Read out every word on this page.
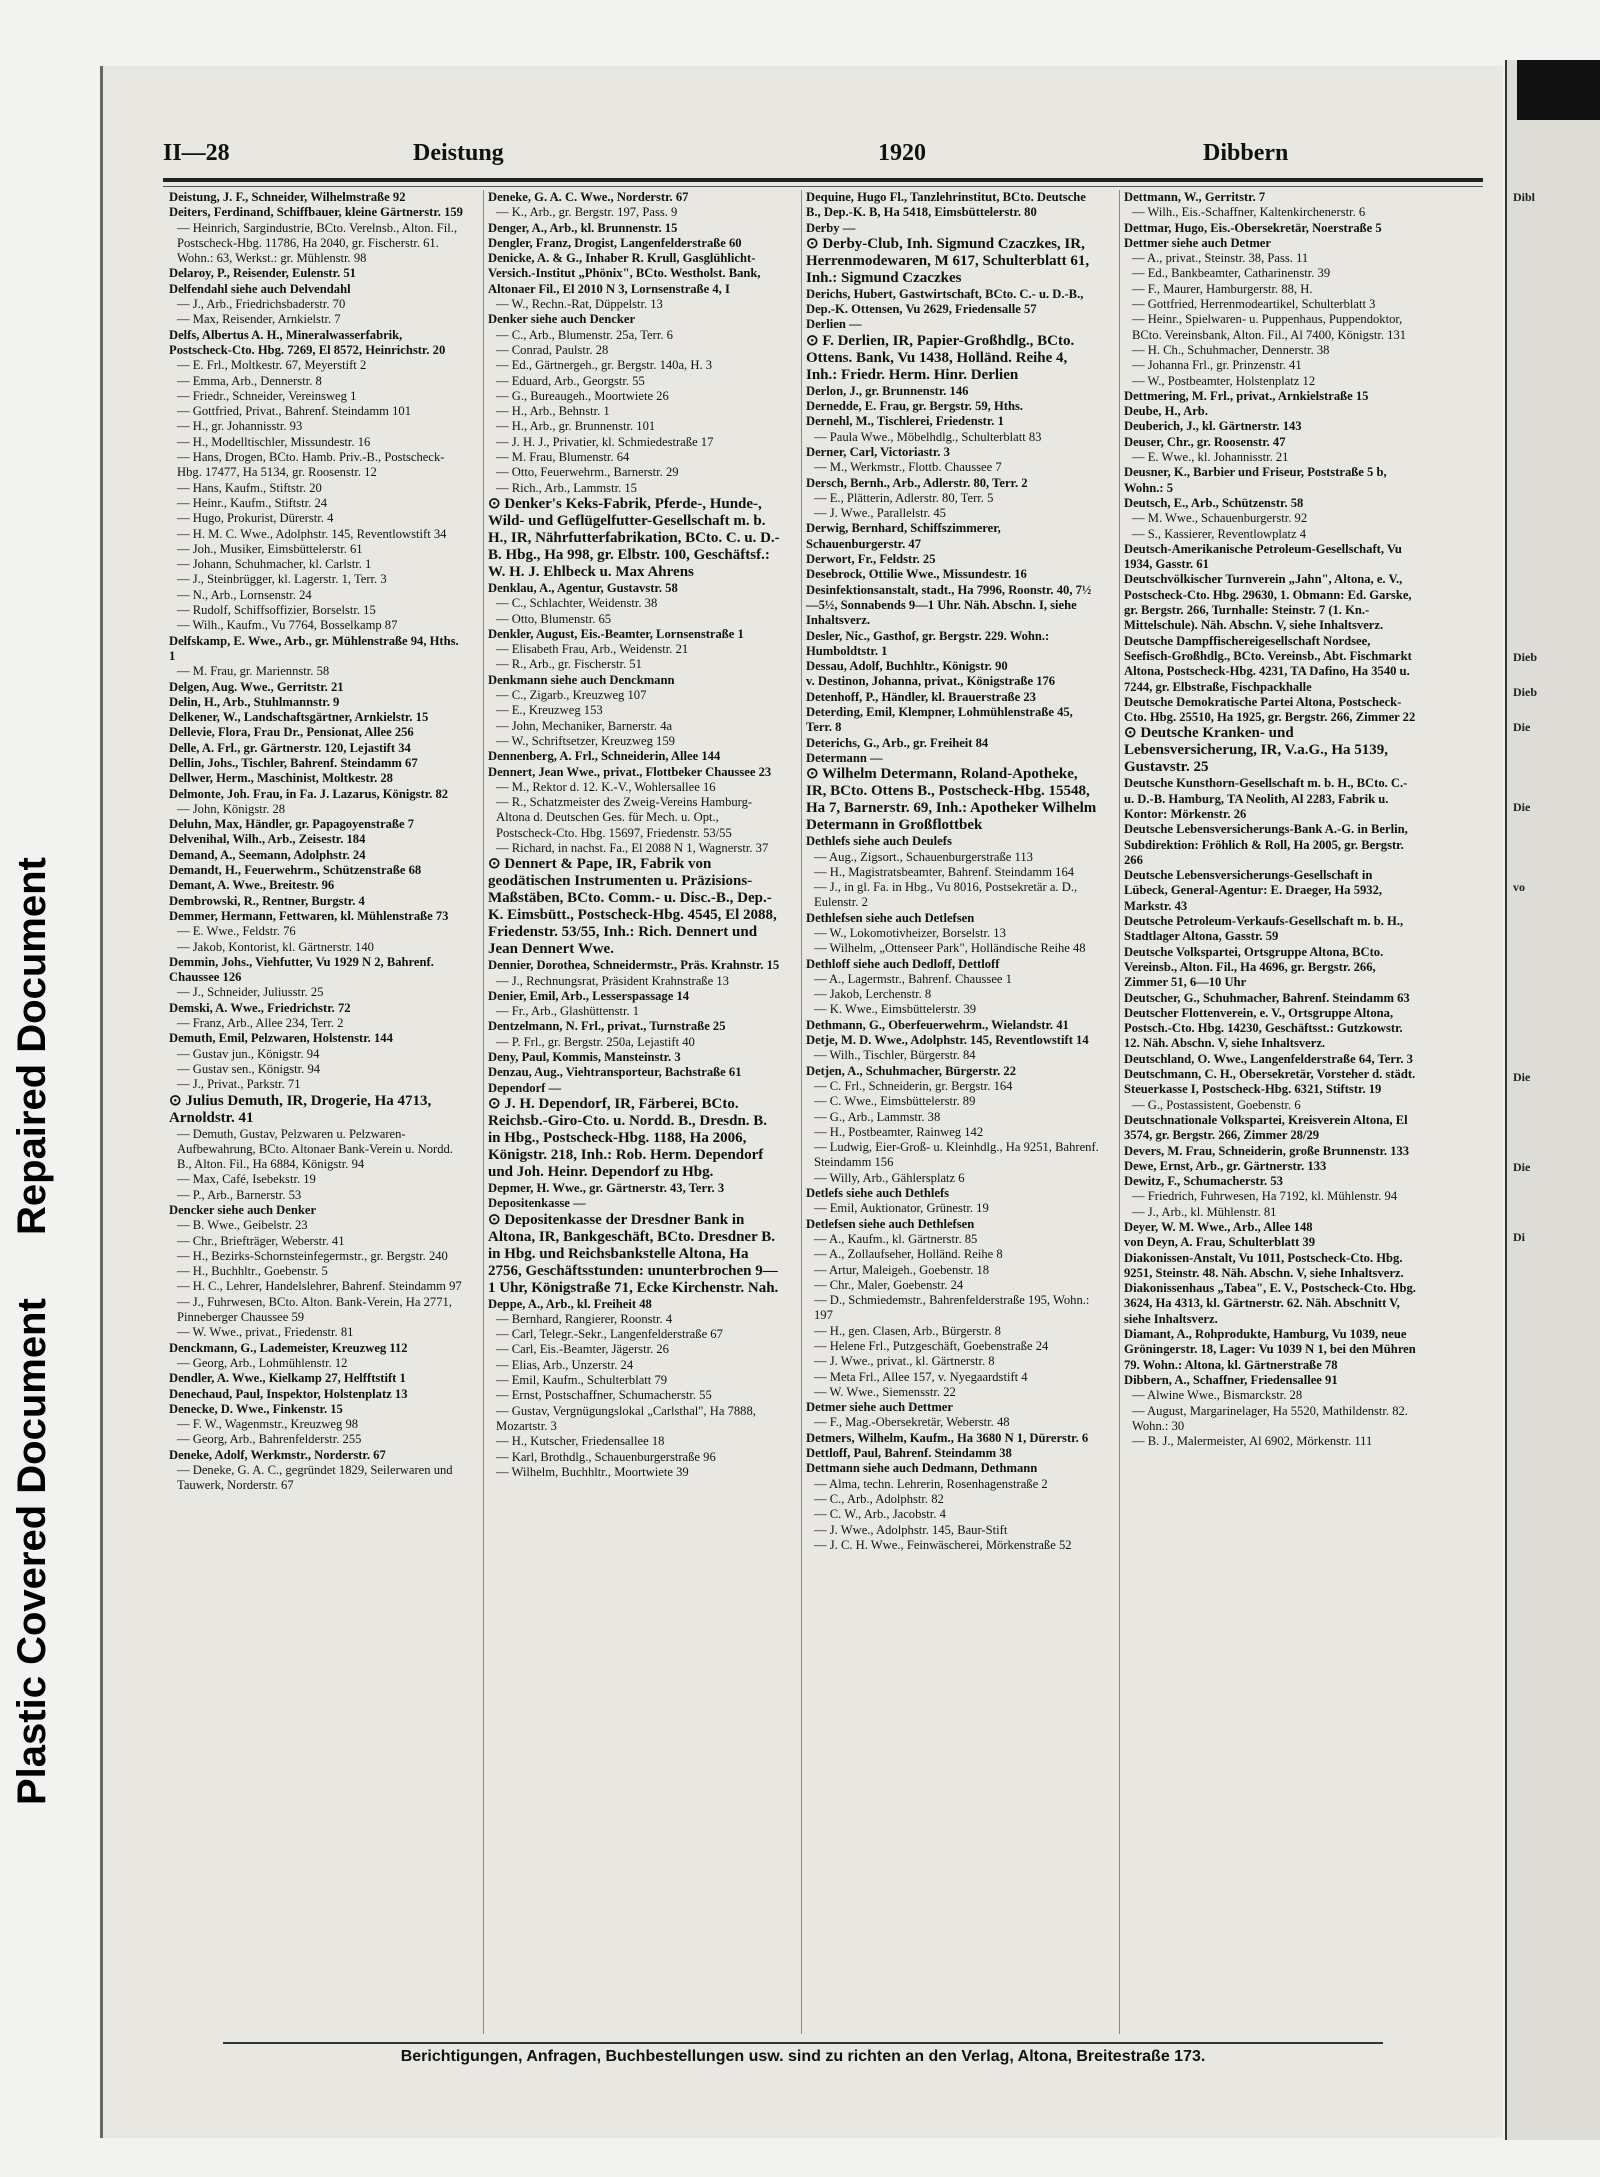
Repaired Document
Plastic Covered Document
II—28	Deistung	1920	Dibbern
Deistung, J. F., Schneider, Wilhelmstraße 92
Deiters, Ferdinand, Schiffbauer, kleine Gärtnerstr. 159
— Heinrich, Sargindustrie, BCto. Verelnsb., Alton. Fil., Postscheck-Hbg. 11786, Ha 2040, gr. Fischerstr. 61. Wohn.: 63, Werkst.: gr. Mühlenstr. 98
Delaroy, P., Reisender, Eulenstr. 51
Delfendahl siehe auch Delvendahl
— J., Arb., Friedrichsbaderstr. 70
— Max, Reisender, Arnkielstr. 7
Delfs, Albertus A. H., Mineralwasserfabrik, Postscheck-Cto. Hbg. 7269, El 8572, Heinrichstr. 20
— E. Frl., Moltkestr. 67, Meyerstift 2
— Emma, Arb., Dennerstr. 8
— Friedr., Schneider, Vereinsweg 1
— Gottfried, Privat., Bahrenf. Steindamm 101
— H., gr. Johannisstr. 93
— H., Modelltischler, Missundestr. 16
— Hans, Drogen, BCto. Hamb. Priv.-B., Postscheck-Hbg. 17477, Ha 5134, gr. Roosenstr. 12
— Hans, Kaufm., Stiftstr. 20
— Heinr., Kaufm., Stiftstr. 24
— Hugo, Prokurist, Dürerstr. 4
— H. M. C. Wwe., Adolphstr. 145, Reventlowstift 34
— Joh., Musiker, Eimsbüttelerstr. 61
— Johann, Schuhmacher, kl. Carlstr. 1
— J., Steinbrügger, kl. Lagerstr. 1, Terr. 3
— N., Arb., Lornsenstr. 24
— Rudolf, Schiffsoffizier, Borselstr. 15
— Wilh., Kaufm., Vu 7764, Bosselkamp 87
Delfskamp, E. Wwe., Arb., gr. Mühlenstraße 94, Hths. 1
— M. Frau, gr. Mariennstr. 58
Delgen, Aug. Wwe., Gerritstr. 21
Delin, H., Arb., Stuhlmannstr. 9
Delkener, W., Landschaftsgärtner, Arnkielstr. 15
Dellevie, Flora, Frau Dr., Pensionat, Allee 256
Delle, A. Frl., gr. Gärtnerstr. 120, Lejastift 34
Dellin, Johs., Tischler, Bahrenf. Steindamm 67
Dellwer, Herm., Maschinist, Moltkestr. 28
Delmonte, Joh. Frau, in Fa. J. Lazarus, Königstr. 82
— John, Königstr. 28
Deluhn, Max, Händler, gr. Papagoyenstraße 7
Delvenihal, Wilh., Arb., Zeisestr. 184
Demand, A., Seemann, Adolphstr. 24
Demandt, H., Feuerwehrm., Schützenstraße 68
Demant, A. Wwe., Breitestr. 96
Dembrowski, R., Rentner, Burgstr. 4
Demmer, Hermann, Fettwaren, kl. Mühlenstraße 73
— E. Wwe., Feldstr. 76
— Jakob, Kontorist, kl. Gärtnerstr. 140
Demmin, Johs., Viehfutter, Vu 1929 N 2, Bahrenf. Chaussee 126
— J., Schneider, Juliusstr. 25
Demski, A. Wwe., Friedrichstr. 72
— Franz, Arb., Allee 234, Terr. 2
Demuth, Emil, Pelzwaren, Holstenstr. 144
— Gustav jun., Königstr. 94
— Gustav sen., Königstr. 94
— J., Privat., Parkstr. 71
⊙ Julius Demuth, IR, Drogerie, Ha 4713, Arnoldstr. 41
— Demuth, Gustav, Pelzwaren u. Pelzwaren-Aufbewahrung, BCto. Altonaer Bank-Verein u. Nordd. B., Alton. Fil., Ha 6884, Königstr. 94
— Max, Café, Isebekstr. 19
— P., Arb., Barnerstr. 53
Dencker siehe auch Denker
— B. Wwe., Geibelstr. 23
— Chr., Briefträger, Weberstr. 41
— H., Bezirks-Schornsteinfegermstr., gr. Bergstr. 240
— H., Buchhltr., Goebenstr. 5
— H. C., Lehrer, Handelslehrer, Bahrenf. Steindamm 97
— J., Fuhrwesen, BCto. Alton. Bank-Verein, Ha 2771, Pinneberger Chaussee 59
— W. Wwe., privat., Friedenstr. 81
Denckmann, G., Lademeister, Kreuzweg 112
— Georg, Arb., Lohmühlenstr. 12
Dendler, A. Wwe., Kielkamp 27, Helfftstift 1
Denechaud, Paul, Inspektor, Holstenplatz 13
Denecke, D. Wwe., Finkenstr. 15
— F. W., Wagenmstr., Kreuzweg 98
— Georg, Arb., Bahrenfelderstr. 255
Deneke, Adolf, Werkmstr., Norderstr. 67
— Deneke, G. A. C., gegründet 1829, Seilerwaren und Tauwerk, Norderstr. 67
Deneke, G. A. C. Wwe., Norderstr. 67
— K., Arb., gr. Bergstr. 197, Pass. 9
Denger, A., Arb., kl. Brunnenstr. 15
Dengler, Franz, Drogist, Langenfelderstraße 60
Denicke, A. & G., Inhaber R. Krull, Gasglühlicht-Versich.-Institut „Phönix", BCto. Westholst. Bank, Altonaer Fil., El 2010 N 3, Lornsenstraße 4, I
— W., Rechn.-Rat, Düppelstr. 13
Denker siehe auch Dencker
— C., Arb., Blumenstr. 25a, Terr. 6
— Conrad, Paulstr. 28
— Ed., Gärtnergeh., gr. Bergstr. 140a, H. 3
— Eduard, Arb., Georgstr. 55
— G., Bureaugeh., Moortwiete 26
— H., Arb., Behnstr. 1
— H., Arb., gr. Brunnenstr. 101
— J. H. J., Privatier, kl. Schmiedestraße 17
— M. Frau, Blumenstr. 64
— Otto, Feuerwehrm., Barnerstr. 29
— Rich., Arb., Lammstr. 15
⊙ Denker's Keks-Fabrik, Pferde-, Hunde-, Wild- und Geflügelfutter-Gesellschaft m. b. H., IR, Nährfutterfabrikation, BCto. C. u. D.-B. Hbg., Ha 998, gr. Elbstr. 100, Geschäftsf.: W. H. J. Ehlbeck u. Max Ahrens
Denklau, A., Agentur, Gustavstr. 58
— C., Schlachter, Weidenstr. 38
— Otto, Blumenstr. 65
Denkler, August, Eis.-Beamter, Lornsenstraße 1
— Elisabeth Frau, Arb., Weidenstr. 21
— R., Arb., gr. Fischerstr. 51
Denkmann siehe auch Denckmann
— C., Zigarb., Kreuzweg 107
— E., Kreuzweg 153
— John, Mechaniker, Barnerstr. 4a
— W., Schriftsetzer, Kreuzweg 159
Dennenberg, A. Frl., Schneiderin, Allee 144
Dennert, Jean Wwe., privat., Flottbeker Chaussee 23
— M., Rektor d. 12. K.-V., Wohlersallee 16
— R., Schatzmeister des Zweig-Vereins Hamburg-Altona d. Deutschen Ges. für Mech. u. Opt., Postscheck-Cto. Hbg. 15697, Friedenstr. 53/55
— Richard, in nachst. Fa., El 2088 N 1, Wagnerstr. 37
⊙ Dennert & Pape, IR, Fabrik von geodätischen Instrumenten u. Präzisions-Maßstäben, BCto. Comm.- u. Disc.-B., Dep.-K. Eimsbütt., Postscheck-Hbg. 4545, El 2088, Friedenstr. 53/55, Inh.: Rich. Dennert und Jean Dennert Wwe.
Dennier, Dorothea, Schneidermstr., Präs. Krahnstr. 15
— J., Rechnungsrat, Präsident Krahnstraße 13
Denier, Emil, Arb., Lesserspassage 14
— Fr., Arb., Glashüttenstr. 1
Dentzelmann, N. Frl., privat., Turnstraße 25
— P. Frl., gr. Bergstr. 250a, Lejastift 40
Deny, Paul, Kommis, Mansteinstr. 3
Denzau, Aug., Viehtransporteur, Bachstraße 61
Dependorf —
⊙ J. H. Dependorf, IR, Färberei, BCto. Reichsb.-Giro-Cto. u. Nordd. B., Dresdn. B. in Hbg., Postscheck-Hbg. 1188, Ha 2006, Königstr. 218, Inh.: Rob. Herm. Dependorf und Joh. Heinr. Dependorf zu Hbg.
Depmer, H. Wwe., gr. Gärtnerstr. 43, Terr. 3
Depositenkasse —
⊙ Depositenkasse der Dresdner Bank in Altona, IR, Bankgeschäft, BCto. Dresdner B. in Hbg. und Reichsbankstelle Altona, Ha 2756, Geschäftsstunden: ununterbrochen 9—1 Uhr, Königstraße 71, Ecke Kirchenstr. Nah.
Deppe, A., Arb., kl. Freiheit 48
— Bernhard, Rangierer, Roonstr. 4
— Carl, Telegr.-Sekr., Langenfelderstraße 67
— Carl, Eis.-Beamter, Jägerstr. 26
— Elias, Arb., Unzerstr. 24
— Emil, Kaufm., Schulterblatt 79
— Ernst, Postschaffner, Schumacherstr. 55
— Gustav, Vergnügungslokal „Carlsthal", Ha 7888, Mozartstr. 3
— H., Kutscher, Friedensallee 18
— Karl, Brothdlg., Schauenburgerstraße 96
— Wilhelm, Buchhltr., Moortwiete 39
Dequine, Hugo Fl., Tanzlehrinstitut, BCto. Deutsche B., Dep.-K. B, Ha 5418, Eimsbüttelerstr. 80
Derby —
⊙ Derby-Club, Inh. Sigmund Czaczkes, IR, Herrenmodewaren, M 617, Schulterblatt 61, Inh.: Sigmund Czaczkes
Derichs, Hubert, Gastwirtschaft, BCto. C.- u. D.-B., Dep.-K. Ottensen, Vu 2629, Friedensalle 57
Derlien —
⊙ F. Derlien, IR, Papier-Großhdlg., BCto. Ottens. Bank, Vu 1438, Holländ. Reihe 4, Inh.: Friedr. Herm. Hinr. Derlien
Derlon, J., gr. Brunnenstr. 146
Dernedde, E. Frau, gr. Bergstr. 59, Hths.
Dernehl, M., Tischlerei, Friedenstr. 1
— Paula Wwe., Möbelhdlg., Schulterblatt 83
Derner, Carl, Victoriastr. 3
— M., Werkmstr., Flottb. Chaussee 7
Dersch, Bernh., Arb., Adlerstr. 80, Terr. 2
— E., Plätterin, Adlerstr. 80, Terr. 5
— J. Wwe., Parallelstr. 45
Derwig, Bernhard, Schiffszimmerer, Schauenburgerstr. 47
Derwort, Fr., Feldstr. 25
Desebrock, Ottilie Wwe., Missundestr. 16
Desinfektionsanstalt, stadt., Ha 7996, Roonstr. 40, 7½—5½, Sonnabends 9—1 Uhr. Näh. Abschn. I, siehe Inhaltsverz.
Desler, Nic., Gasthof, gr. Bergstr. 229. Wohn.: Humboldtstr. 1
Dessau, Adolf, Buchhltr., Königstr. 90
v. Destinon, Johanna, privat., Königstraße 176
Detenhoff, P., Händler, kl. Brauerstraße 23
Deterding, Emil, Klempner, Lohmühlenstraße 45, Terr. 8
Deterichs, G., Arb., gr. Freiheit 84
Determann —
⊙ Wilhelm Determann, Roland-Apotheke, IR, BCto. Ottens B., Postscheck-Hbg. 15548, Ha 7, Barnerstr. 69, Inh.: Apotheker Wilhelm Determann in Großflottbek
Dethlefs siehe auch Deulefs
— Aug., Zigsort., Schauenburgerstraße 113
— H., Magistratsbeamter, Bahrenf. Steindamm 164
— J., in gl. Fa. in Hbg., Vu 8016, Postsekretär a. D., Eulenstr. 2
Dethlefsen siehe auch Detlefsen
— W., Lokomotivheizer, Borselstr. 13
— Wilhelm, „Ottenseer Park", Holländische Reihe 48
Dethloff siehe auch Dedloff, Dettloff
— A., Lagermstr., Bahrenf. Chaussee 1
— Jakob, Lerchenstr. 8
— K. Wwe., Eimsbüttelerstr. 39
Dethmann, G., Oberfeuerwehrm., Wielandstr. 41
Detje, M. D. Wwe., Adolphstr. 145, Reventlowstift 14
— Wilh., Tischler, Bürgerstr. 84
Detjen, A., Schuhmacher, Bürgerstr. 22
— C. Frl., Schneiderin, gr. Bergstr. 164
— C. Wwe., Eimsbüttelerstr. 89
— G., Arb., Lammstr. 38
— H., Postbeamter, Rainweg 142
— Ludwig, Eier-Groß- u. Kleinhdlg., Ha 9251, Bahrenf. Steindamm 156
— Willy, Arb., Gählersplatz 6
Detlefs siehe auch Dethlefs
— Emil, Auktionator, Grünestr. 19
Detlefsen siehe auch Dethlefsen
— A., Kaufm., kl. Gärtnerstr. 85
— A., Zollaufseher, Holländ. Reihe 8
— Artur, Maleigeh., Goebenstr. 18
— Chr., Maler, Goebenstr. 24
— D., Schmiedemstr., Bahrenfelderstraße 195, Wohn.: 197
— H., gen. Clasen, Arb., Bürgerstr. 8
— Helene Frl., Putzgeschäft, Goebenstraße 24
— J. Wwe., privat., kl. Gärtnerstr. 8
— Meta Frl., Allee 157, v. Nyegaardstift 4
— W. Wwe., Siemensstr. 22
Detmer siehe auch Dettmer
— F., Mag.-Obersekretär, Weberstr. 48
Detmers, Wilhelm, Kaufm., Ha 3680 N 1, Dürerstr. 6
Dettloff, Paul, Bahrenf. Steindamm 38
Dettmann siehe auch Dedmann, Dethmann
— Alma, techn. Lehrerin, Rosenhagenstraße 2
— C., Arb., Adolphstr. 82
— C. W., Arb., Jacobstr. 4
— J. Wwe., Adolphstr. 145, Baur-Stift
— J. C. H. Wwe., Feinwäscherei, Mörkenstraße 52
Dettmann, W., Gerritstr. 7
— Wilh., Eis.-Schaffner, Kaltenkirchenerstr. 6
Dettmar, Hugo, Eis.-Obersekretär, Noerstraße 5
Dettmer siehe auch Detmer
— A., privat., Steinstr. 38, Pass. 11
— Ed., Bankbeamter, Catharinenstr. 39
— F., Maurer, Hamburgerstr. 88, H.
— Gottfried, Herrenmodeartikel, Schulterblatt 3
— Heinr., Spielwaren- u. Puppenhaus, Puppendoktor, BCto. Vereinsbank, Alton. Fil., Al 7400, Königstr. 131
— H. Ch., Schuhmacher, Dennerstr. 38
— Johanna Frl., gr. Prinzenstr. 41
— W., Postbeamter, Holstenplatz 12
Dettmering, M. Frl., privat., Arnkielstraße 15
Deube, H., Arb.
Deuberich, J., kl. Gärtnerstr. 143
Deuser, Chr., gr. Roosenstr. 47
— E. Wwe., kl. Johannisstr. 21
Deusner, K., Barbier und Friseur, Poststraße 5 b, Wohn.: 5
Deutsch, E., Arb., Schützenstr. 58
— M. Wwe., Schauenburgerstr. 92
— S., Kassierer, Reventlowplatz 4
Deutsch-Amerikanische Petroleum-Gesellschaft, Vu 1934, Gasstr. 61
Deutschvölkischer Turnverein „Jahn", Altona, e. V., Postscheck-Cto. Hbg. 29630, 1. Obmann: Ed. Garske, gr. Bergstr. 266, Turnhalle: Steinstr. 7 (1. Kn.-Mittelschule). Näh. Abschn. V, siehe Inhaltsverz.
Deutsche Dampffischereigesellschaft Nordsee, Seefisch-Großhdlg., BCto. Vereinsb., Abt. Fischmarkt Altona, Postscheck-Hbg. 4231, TA Dafino, Ha 3540 u. 7244, gr. Elbstraße, Fischpackhalle
Deutsche Demokratische Partei Altona, Postscheck-Cto. Hbg. 25510, Ha 1925, gr. Bergstr. 266, Zimmer 22
⊙ Deutsche Kranken- und Lebensversicherung, IR, V.a.G., Ha 5139, Gustavstr. 25
Deutsche Kunsthorn-Gesellschaft m. b. H., BCto. C.- u. D.-B. Hamburg, TA Neolith, Al 2283, Fabrik u. Kontor: Mörkenstr. 26
Deutsche Lebensversicherungs-Bank A.-G. in Berlin, Subdirektion: Fröhlich & Roll, Ha 2005, gr. Bergstr. 266
Deutsche Lebensversicherungs-Gesellschaft in Lübeck, General-Agentur: E. Draeger, Ha 5932, Markstr. 43
Deutsche Petroleum-Verkaufs-Gesellschaft m. b. H., Stadtlager Altona, Gasstr. 59
Deutsche Volkspartei, Ortsgruppe Altona, BCto. Vereinsb., Alton. Fil., Ha 4696, gr. Bergstr. 266, Zimmer 51, 6—10 Uhr
Deutscher, G., Schuhmacher, Bahrenf. Steindamm 63
Deutscher Flottenverein, e. V., Ortsgruppe Altona, Postsch.-Cto. Hbg. 14230, Geschäftsst.: Gutzkowstr. 12. Näh. Abschn. V, siehe Inhaltsverz.
Deutschland, O. Wwe., Langenfelderstraße 64, Terr. 3
Deutschmann, C. H., Obersekretär, Vorsteher d. städt. Steuerkasse I, Postscheck-Hbg. 6321, Stiftstr. 19
— G., Postassistent, Goebenstr. 6
Deutschnationale Volkspartei, Kreisverein Altona, El 3574, gr. Bergstr. 266, Zimmer 28/29
Devers, M. Frau, Schneiderin, große Brunnenstr. 133
Dewe, Ernst, Arb., gr. Gärtnerstr. 133
Dewitz, F., Schumacherstr. 53
— Friedrich, Fuhrwesen, Ha 7192, kl. Mühlenstr. 94
— J., Arb., kl. Mühlenstr. 81
Deyer, W. M. Wwe., Arb., Allee 148
von Deyn, A. Frau, Schulterblatt 39
Diakonissen-Anstalt, Vu 1011, Postscheck-Cto. Hbg. 9251, Steinstr. 48. Näh. Abschn. V, siehe Inhaltsverz.
Diakonissenhaus „Tabea", E. V., Postscheck-Cto. Hbg. 3624, Ha 4313, kl. Gärtnerstr. 62. Näh. Abschnitt V, siehe Inhaltsverz.
Diamant, A., Rohprodukte, Hamburg, Vu 1039, neue Gröningerstr. 18, Lager: Vu 1039 N 1, bei den Mühren 79. Wohn.: Altona, kl. Gärtnerstraße 78
Dibbern, A., Schaffner, Friedensallee 91
— Alwine Wwe., Bismarckstr. 28
— August, Margarinelager, Ha 5520, Mathildenstr. 82. Wohn.: 30
— B. J., Malermeister, Al 6902, Mörkenstr. 111
Berichtigungen, Anfragen, Buchbestellungen usw. sind zu richten an den Verlag, Altona, Breitestraße 173.
Dibl
Dieb
Dieb
Die
Die
vo
Die
Die
Di
